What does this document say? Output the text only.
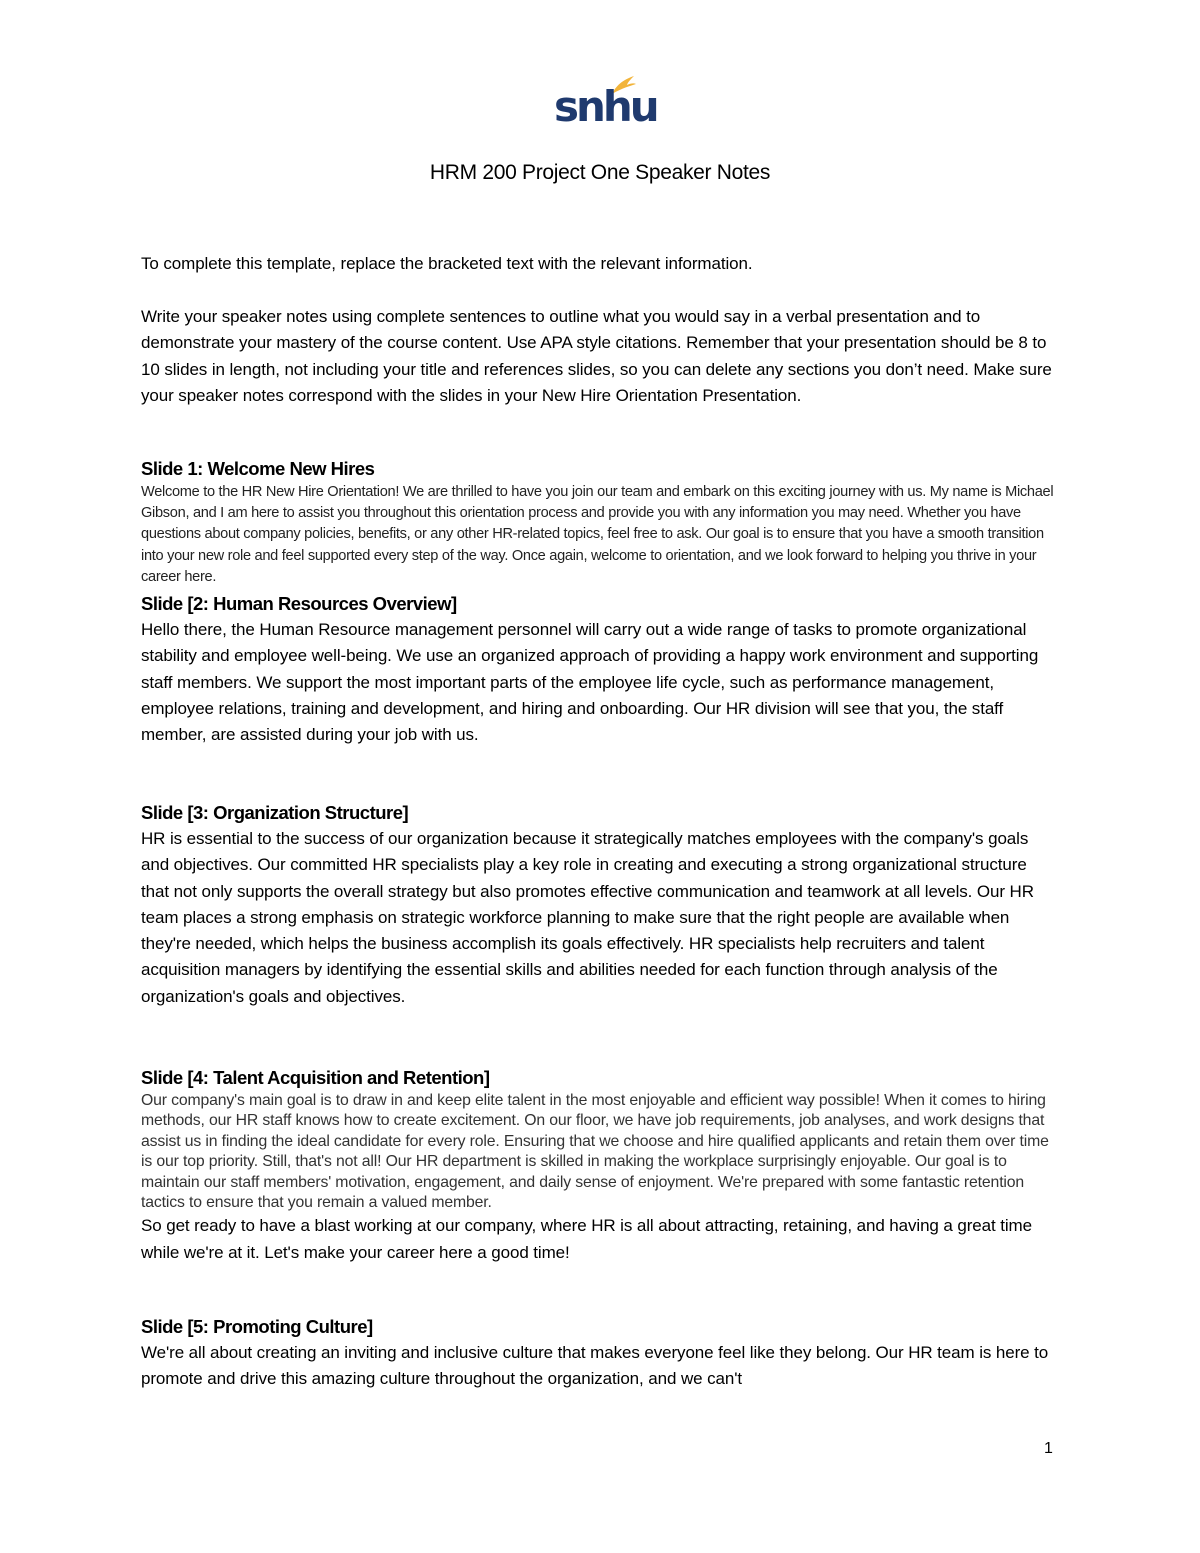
snhu
HRM 200 Project One Speaker Notes

To complete this template, replace the bracketed text with the relevant information.

Write your speaker notes using complete sentences to outline what you would say in a verbal presentation and to demonstrate your mastery of the course content. Use APA style citations. Remember that your presentation should be 8 to 10 slides in length, not including your title and references slides, so you can delete any sections you don’t need. Make sure your speaker notes correspond with the slides in your New Hire Orientation Presentation.

Slide 1: Welcome New Hires

Welcome to the HR New Hire Orientation! We are thrilled to have you join our team and embark on this exciting journey with us. My name is Michael Gibson, and I am here to assist you throughout this orientation process and provide you with any information you may need. Whether you have questions about company policies, benefits, or any other HR-related topics, feel free to ask. Our goal is to ensure that you have a smooth transition into your new role and feel supported every step of the way. Once again, welcome to orientation, and we look forward to helping you thrive in your career here.

Slide [2: Human Resources Overview]

Hello there, the Human Resource management personnel will carry out a wide range of tasks to promote organizational stability and employee well-being. We use an organized approach of providing a happy work environment and supporting staff members. We support the most important parts of the employee life cycle, such as performance management, employee relations, training and development, and hiring and onboarding. Our HR division will see that you, the staff member, are assisted during your job with us.

Slide [3: Organization Structure]

HR is essential to the success of our organization because it strategically matches employees with the company's goals and objectives. Our committed HR specialists play a key role in creating and executing a strong organizational structure that not only supports the overall strategy but also promotes effective communication and teamwork at all levels. Our HR team places a strong emphasis on strategic workforce planning to make sure that the right people are available when they're needed, which helps the business accomplish its goals effectively. HR specialists help recruiters and talent acquisition managers by identifying the essential skills and abilities needed for each function through analysis of the organization's goals and objectives.

Slide [4: Talent Acquisition and Retention]

Our company's main goal is to draw in and keep elite talent in the most enjoyable and efficient way possible! When it comes to hiring methods, our HR staff knows how to create excitement. On our floor, we have job requirements, job analyses, and work designs that assist us in finding the ideal candidate for every role. Ensuring that we choose and hire qualified applicants and retain them over time is our top priority. Still, that's not all! Our HR department is skilled in making the workplace surprisingly enjoyable. Our goal is to maintain our staff members' motivation, engagement, and daily sense of enjoyment. We're prepared with some fantastic retention tactics to ensure that you remain a valued member.

So get ready to have a blast working at our company, where HR is all about attracting, retaining, and having a great time while we're at it. Let's make your career here a good time!

Slide [5: Promoting Culture]

We're all about creating an inviting and inclusive culture that makes everyone feel like they belong. Our HR team is here to promote and drive this amazing culture throughout the organization, and we can't

1
